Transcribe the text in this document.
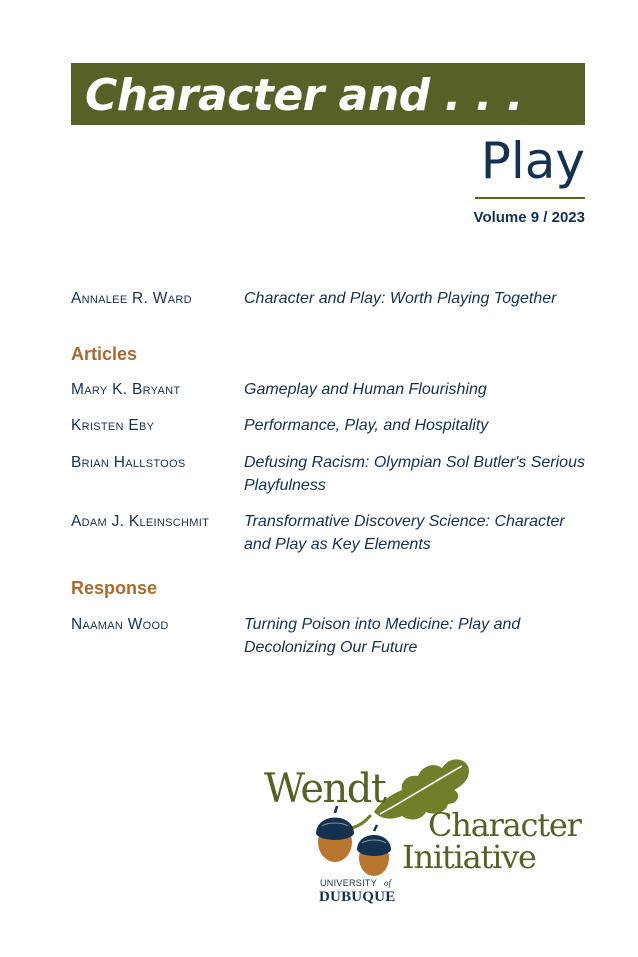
Character and . . .
Play
Volume 9 / 2023
Annalee R. Ward	Character and Play: Worth Playing Together
Articles
Mary K. Bryant	Gameplay and Human Flourishing
Kristen Eby	Performance, Play, and Hospitality
Brian Hallstoos	Defusing Racism: Olympian Sol Butler's Serious Playfulness
Adam J. Kleinschmit	Transformative Discovery Science: Character and Play as Key Elements
Response
Naaman Wood	Turning Poison into Medicine: Play and Decolonizing Our Future
Wendt
Character
Initiative
UNIVERSITY of
DUBUQUE
